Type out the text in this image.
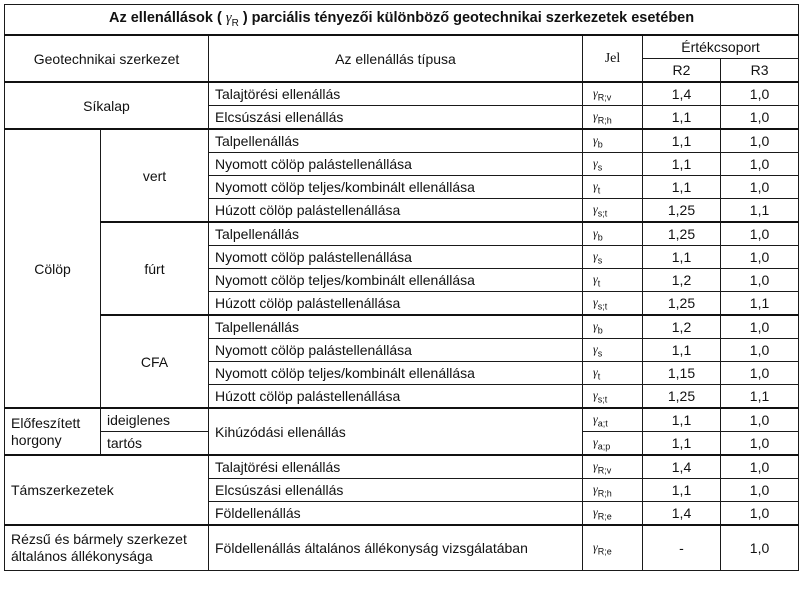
Az ellenállások ( $\gamma_R$ ) parciális tényezői különböző geotechnikai szerkezetek esetében					
Geotechnikai szerkezet		Az ellenállás típusa	Jel	Értékcsoport	
				R2	R3
Síkalap		Talajtörési ellenállás	$\gamma_{R;v}$	1,4	1,0
		Elcsúszási ellenállás	$\gamma_{R;h}$	1,1	1,0
Cölöp	vert	Talpellenállás	$\gamma_b$	1,1	1,0
		Nyomott cölöp palástellenállása	$\gamma_s$	1,1	1,0
		Nyomott cölöp teljes/kombinált ellenállása	$\gamma_t$	1,1	1,0
		Húzott cölöp palástellenállása	$\gamma_{s;t}$	1,25	1,1
	fúrt	Talpellenállás	$\gamma_b$	1,25	1,0
		Nyomott cölöp palástellenállása	$\gamma_s$	1,1	1,0
		Nyomott cölöp teljes/kombinált ellenállása	$\gamma_t$	1,2	1,0
		Húzott cölöp palástellenállása	$\gamma_{s;t}$	1,25	1,1
	CFA	Talpellenállás	$\gamma_b$	1,2	1,0
		Nyomott cölöp palástellenállása	$\gamma_s$	1,1	1,0
		Nyomott cölöp teljes/kombinált ellenállása	$\gamma_t$	1,15	1,0
		Húzott cölöp palástellenállása	$\gamma_{s;t}$	1,25	1,1
Előfeszített horgony	ideiglenes	Kihúzódási ellenállás	$\gamma_{a;t}$	1,1	1,0
	tartós		$\gamma_{a;p}$	1,1	1,0
Támszerkezetek		Talajtörési ellenállás	$\gamma_{R;v}$	1,4	1,0
		Elcsúszási ellenállás	$\gamma_{R;h}$	1,1	1,0
		Földellenállás	$\gamma_{R;e}$	1,4	1,0
Rézsű és bármely szerkezet általános állékonysága		Földellenállás általános állékonyság vizsgálatában	$\gamma_{R;e}$	-	1,0
